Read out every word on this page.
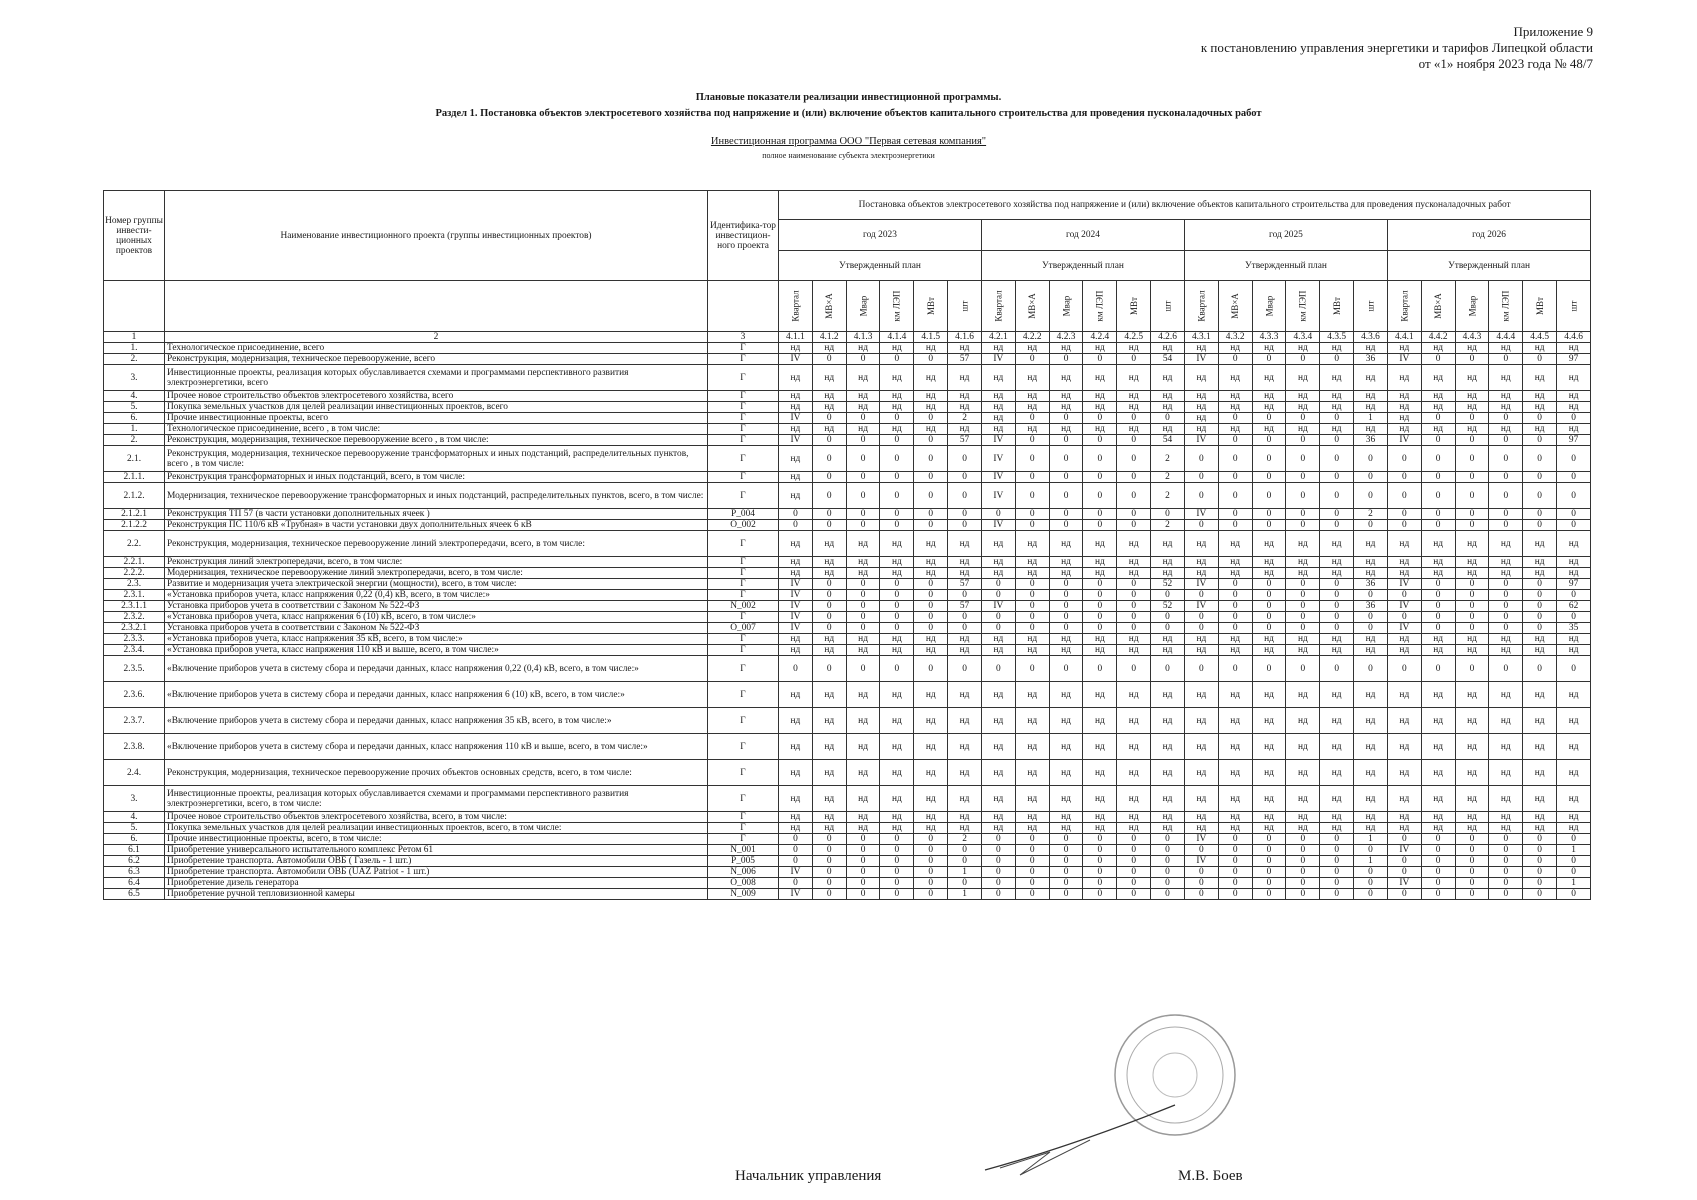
Приложение 9
к постановлению управления энергетики и тарифов Липецкой области
от «1» ноября 2023 года № 48/7
Плановые показатели реализации инвестиционной программы.
Раздел 1. Постановка объектов электросетевого хозяйства под напряжение и (или) включение объектов капитального строительства для проведения пусконаладочных работ
Инвестиционная программа ООО "Первая сетевая компания"
полное наименование субъекта электроэнергетики
Номер группы инвести-ционных проектов	Наименование инвестиционного проекта (группы инвестиционных проектов)	Идентифика-тор инвестицион-ного проекта	Постановка объектов электросетевого хозяйства под напряжение и (или) включение объектов капитального строительства для проведения пусконаладочных работ																							
			год 2023						год 2024						год 2025						год 2026					
			Утвержденный план						Утвержденный план						Утвержденный план						Утвержденный план					
			Квартал	МВ×А	Мвар	км ЛЭП	МВт	шт	Квартал	МВ×А	Мвар	км ЛЭП	МВт	шт	Квартал	МВ×А	Мвар	км ЛЭП	МВт	шт	Квартал	МВ×А	Мвар	км ЛЭП	МВт	шт
1	2	3	4.1.1	4.1.2	4.1.3	4.1.4	4.1.5	4.1.6	4.2.1	4.2.2	4.2.3	4.2.4	4.2.5	4.2.6	4.3.1	4.3.2	4.3.3	4.3.4	4.3.5	4.3.6	4.4.1	4.4.2	4.4.3	4.4.4	4.4.5	4.4.6
1.	Технологическое присоединение, всего	Г	нд	нд	нд	нд	нд	нд	нд	нд	нд	нд	нд	нд	нд	нд	нд	нд	нд	нд	нд	нд	нд	нд	нд	нд
2.	Реконструкция, модернизация, техническое перевооружение, всего	Г	IV	0	0	0	0	57	IV	0	0	0	0	54	IV	0	0	0	0	36	IV	0	0	0	0	97
3.	Инвестиционные проекты, реализация которых обуславливается схемами и программами перспективного развития электроэнергетики, всего	Г	нд	нд	нд	нд	нд	нд	нд	нд	нд	нд	нд	нд	нд	нд	нд	нд	нд	нд	нд	нд	нд	нд	нд	нд
4.	Прочее новое строительство объектов электросетевого хозяйства, всего	Г	нд	нд	нд	нд	нд	нд	нд	нд	нд	нд	нд	нд	нд	нд	нд	нд	нд	нд	нд	нд	нд	нд	нд	нд
5.	Покупка земельных участков для целей реализации инвестиционных проектов, всего	Г	нд	нд	нд	нд	нд	нд	нд	нд	нд	нд	нд	нд	нд	нд	нд	нд	нд	нд	нд	нд	нд	нд	нд	нд
6.	Прочие инвестиционные проекты, всего	Г	IV	0	0	0	0	2	нд	0	0	0	0	0	нд	0	0	0	0	1	нд	0	0	0	0	0
1.	Технологическое присоединение, всего , в том числе:	Г	нд	нд	нд	нд	нд	нд	нд	нд	нд	нд	нд	нд	нд	нд	нд	нд	нд	нд	нд	нд	нд	нд	нд	нд
2.	Реконструкция, модернизация, техническое перевооружение всего , в том числе:	Г	IV	0	0	0	0	57	IV	0	0	0	0	54	IV	0	0	0	0	36	IV	0	0	0	0	97
2.1.	Реконструкция, модернизация, техническое перевооружение трансформаторных и иных подстанций, распределительных пунктов, всего , в том числе:	Г	нд	0	0	0	0	0	IV	0	0	0	0	2	0	0	0	0	0	0	0	0	0	0	0	0
2.1.1.	Реконструкция трансформаторных и иных подстанций, всего, в том числе:	Г	нд	0	0	0	0	0	IV	0	0	0	0	2	0	0	0	0	0	0	0	0	0	0	0	0
2.1.2.	Модернизация, техническое перевооружение трансформаторных и иных подстанций, распределительных пунктов, всего, в том числе:	Г	нд	0	0	0	0	0	IV	0	0	0	0	2	0	0	0	0	0	0	0	0	0	0	0	0
2.1.2.1	Реконструкция ТП 57 (в части установки дополнительных ячеек )	P_004	0	0	0	0	0	0	0	0	0	0	0	0	IV	0	0	0	0	2	0	0	0	0	0	0
2.1.2.2	Реконструкция ПС 110/6 кВ «Трубная» в части установки двух дополнительных ячеек 6 кВ	O_002	0	0	0	0	0	0	IV	0	0	0	0	2	0	0	0	0	0	0	0	0	0	0	0	0
2.2.	Реконструкция, модернизация, техническое перевооружение линий электропередачи, всего, в том числе:	Г	нд	нд	нд	нд	нд	нд	нд	нд	нд	нд	нд	нд	нд	нд	нд	нд	нд	нд	нд	нд	нд	нд	нд	нд
2.2.1.	Реконструкция линий электропередачи, всего, в том числе:	Г	нд	нд	нд	нд	нд	нд	нд	нд	нд	нд	нд	нд	нд	нд	нд	нд	нд	нд	нд	нд	нд	нд	нд	нд
2.2.2.	Модернизация, техническое перевооружение линий электропередачи, всего, в том числе:	Г	нд	нд	нд	нд	нд	нд	нд	нд	нд	нд	нд	нд	нд	нд	нд	нд	нд	нд	нд	нд	нд	нд	нд	нд
2.3.	Развитие и модернизация учета электрической энергии (мощности), всего, в том числе:	Г	IV	0	0	0	0	57	0	0	0	0	0	52	IV	0	0	0	0	36	IV	0	0	0	0	97
2.3.1.	«Установка приборов учета, класс напряжения 0,22 (0,4) кВ, всего, в том числе:»	Г	IV	0	0	0	0	0	0	0	0	0	0	0	0	0	0	0	0	0	0	0	0	0	0	0
2.3.1.1	Установка приборов учета в соответствии с Законом № 522-ФЗ	N_002	IV	0	0	0	0	57	IV	0	0	0	0	52	IV	0	0	0	0	36	IV	0	0	0	0	62
2.3.2.	«Установка приборов учета, класс напряжения 6 (10) кВ, всего, в том числе:»	Г	IV	0	0	0	0	0	0	0	0	0	0	0	0	0	0	0	0	0	0	0	0	0	0	0
2.3.2.1	Установка приборов учета в соответствии с Законом № 522-ФЗ	O_007	IV	0	0	0	0	0	0	0	0	0	0	0	0	0	0	0	0	0	IV	0	0	0	0	35
2.3.3.	«Установка приборов учета, класс напряжения 35 кВ, всего, в том числе:»	Г	нд	нд	нд	нд	нд	нд	нд	нд	нд	нд	нд	нд	нд	нд	нд	нд	нд	нд	нд	нд	нд	нд	нд	нд
2.3.4.	«Установка приборов учета, класс напряжения 110 кВ и выше, всего, в том числе:»	Г	нд	нд	нд	нд	нд	нд	нд	нд	нд	нд	нд	нд	нд	нд	нд	нд	нд	нд	нд	нд	нд	нд	нд	нд
2.3.5.	«Включение приборов учета в систему сбора и передачи данных, класс напряжения 0,22 (0,4) кВ, всего, в том числе:»	Г	0	0	0	0	0	0	0	0	0	0	0	0	0	0	0	0	0	0	0	0	0	0	0	0
2.3.6.	«Включение приборов учета в систему сбора и передачи данных, класс напряжения 6 (10) кВ, всего, в том числе:»	Г	нд	нд	нд	нд	нд	нд	нд	нд	нд	нд	нд	нд	нд	нд	нд	нд	нд	нд	нд	нд	нд	нд	нд	нд
2.3.7.	«Включение приборов учета в систему сбора и передачи данных, класс напряжения 35 кВ, всего, в том числе:»	Г	нд	нд	нд	нд	нд	нд	нд	нд	нд	нд	нд	нд	нд	нд	нд	нд	нд	нд	нд	нд	нд	нд	нд	нд
2.3.8.	«Включение приборов учета в систему сбора и передачи данных, класс напряжения 110 кВ и выше, всего, в том числе:»	Г	нд	нд	нд	нд	нд	нд	нд	нд	нд	нд	нд	нд	нд	нд	нд	нд	нд	нд	нд	нд	нд	нд	нд	нд
2.4.	Реконструкция, модернизация, техническое перевооружение прочих объектов основных средств, всего, в том числе:	Г	нд	нд	нд	нд	нд	нд	нд	нд	нд	нд	нд	нд	нд	нд	нд	нд	нд	нд	нд	нд	нд	нд	нд	нд
3.	Инвестиционные проекты, реализация которых обуславливается схемами и программами перспективного развития электроэнергетики, всего, в том числе:	Г	нд	нд	нд	нд	нд	нд	нд	нд	нд	нд	нд	нд	нд	нд	нд	нд	нд	нд	нд	нд	нд	нд	нд	нд
4.	Прочее новое строительство объектов электросетевого хозяйства, всего, в том числе:	Г	нд	нд	нд	нд	нд	нд	нд	нд	нд	нд	нд	нд	нд	нд	нд	нд	нд	нд	нд	нд	нд	нд	нд	нд
5.	Покупка земельных участков для целей реализации инвестиционных проектов, всего, в том числе:	Г	нд	нд	нд	нд	нд	нд	нд	нд	нд	нд	нд	нд	нд	нд	нд	нд	нд	нд	нд	нд	нд	нд	нд	нд
6.	Прочие инвестиционные проекты, всего, в том числе:	Г	0	0	0	0	0	2	0	0	0	0	0	0	IV	0	0	0	0	1	0	0	0	0	0	0
6.1	Приобретение универсального испытательного комплекс Ретом 61	N_001	0	0	0	0	0	0	0	0	0	0	0	0	0	0	0	0	0	0	IV	0	0	0	0	1
6.2	Приобретение транспорта. Автомобили ОВБ ( Газель - 1 шт.)	P_005	0	0	0	0	0	0	0	0	0	0	0	0	IV	0	0	0	0	1	0	0	0	0	0	0
6.3	Приобретение транспорта. Автомобили ОВБ (UAZ Patriot - 1 шт.)	N_006	IV	0	0	0	0	1	0	0	0	0	0	0	0	0	0	0	0	0	0	0	0	0	0	0
6.4	Приобретение дизель генератора	O_008	0	0	0	0	0	0	0	0	0	0	0	0	0	0	0	0	0	0	IV	0	0	0	0	1
6.5	Приобретение ручной тепловизионной камеры	N_009	IV	0	0	0	0	1	0	0	0	0	0	0	0	0	0	0	0	0	0	0	0	0	0	0
Начальник управления	М.В. Боев
